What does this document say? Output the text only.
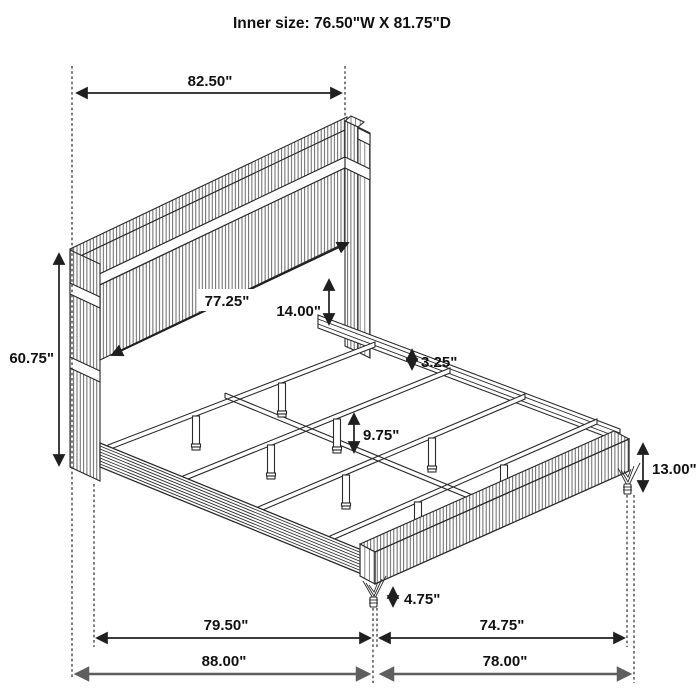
Inner size: 76.50"W X 81.75"D
82.50"
60.75"
77.25"
14.00"
3.25"
9.75"
13.00"
4.75"
79.50"	74.75"
88.00"	78.00"
